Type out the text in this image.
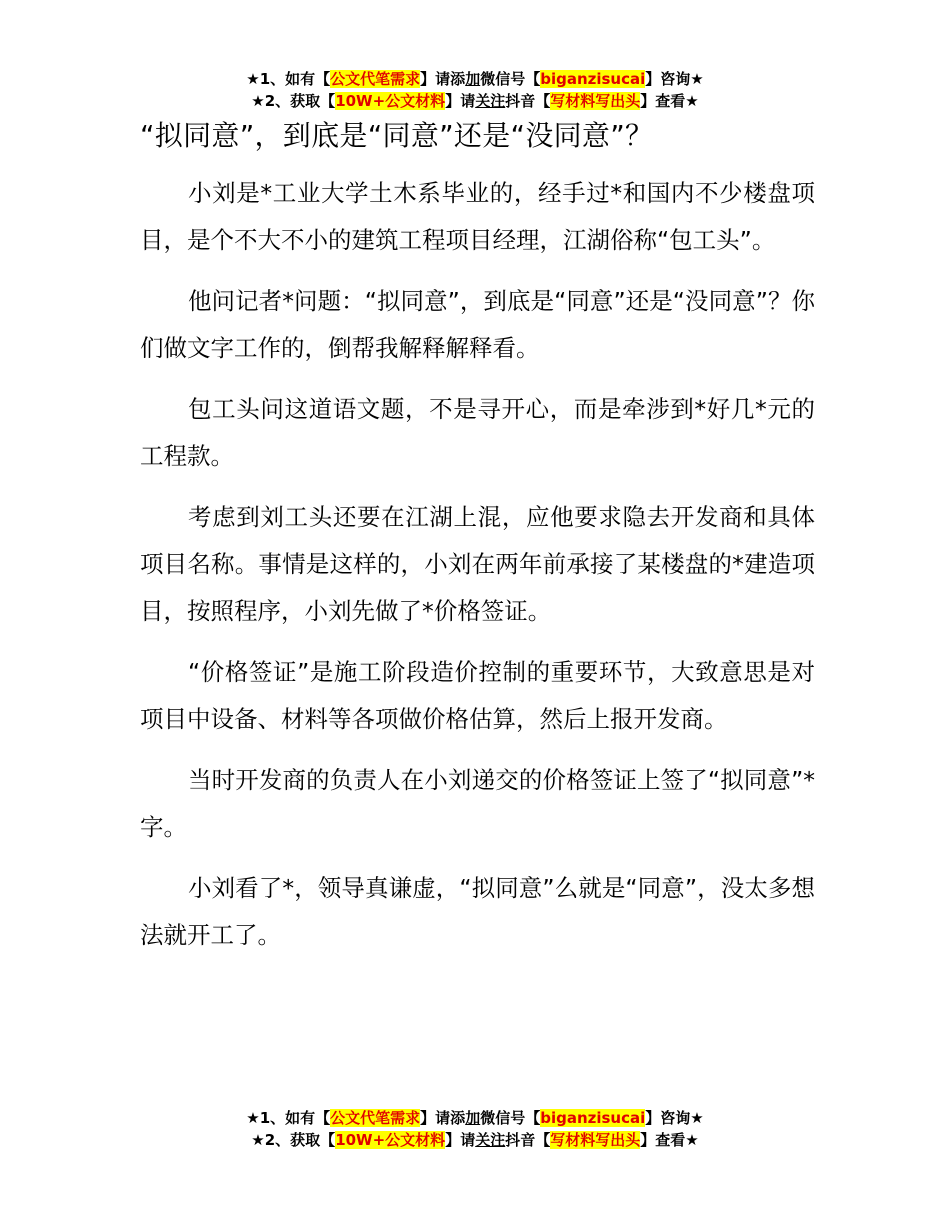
★1、如有【公文代笔需求】请添加微信号【biganzisucai】咨询★
★2、获取【10W+公文材料】请关注抖音【写材料写出头】查看★
“拟同意”，到底是“同意”还是“没同意”？

小刘是*工业大学土木系毕业的，经手过*和国内不少楼盘项目，是个不大不小的建筑工程项目经理，江湖俗称“包工头”。

他问记者*问题：“拟同意”，到底是“同意”还是“没同意”？你们做文字工作的，倒帮我解释解释看。

包工头问这道语文题，不是寻开心，而是牵涉到*好几*元的工程款。

考虑到刘工头还要在江湖上混，应他要求隐去开发商和具体项目名称。事情是这样的，小刘在两年前承接了某楼盘的*建造项目，按照程序，小刘先做了*价格签证。

“价格签证”是施工阶段造价控制的重要环节，大致意思是对项目中设备、材料等各项做价格估算，然后上报开发商。

当时开发商的负责人在小刘递交的价格签证上签了“拟同意”*字。

小刘看了*，领导真谦虚，“拟同意”么就是“同意”，没太多想法就开工了。

★1、如有【公文代笔需求】请添加微信号【biganzisucai】咨询★
★2、获取【10W+公文材料】请关注抖音【写材料写出头】查看★
